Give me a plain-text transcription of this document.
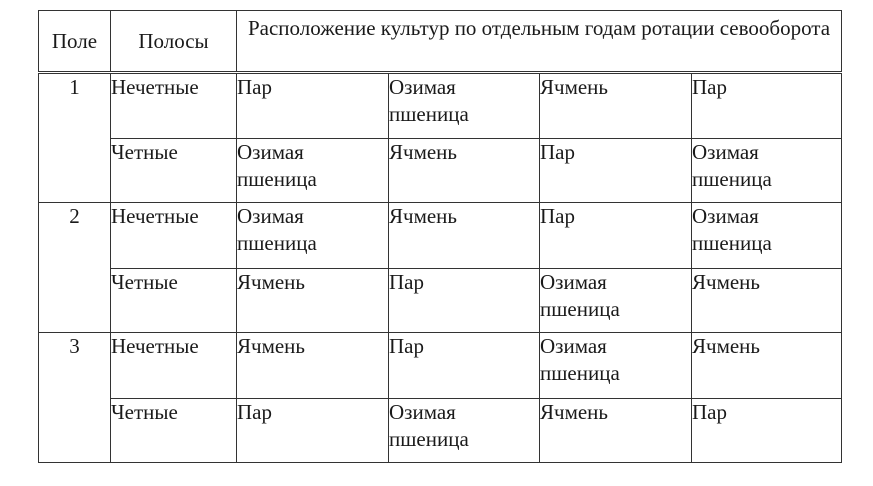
Поле	Полосы	Расположение культур по отдельным годам ротации севооборота			
1	Нечетные	Пар	Озимая пшеница	Ячмень	Пар
	Четные	Озимая пшеница	Ячмень	Пар	Озимая пшеница
2	Нечетные	Озимая пшеница	Ячмень	Пар	Озимая пшеница
	Четные	Ячмень	Пар	Озимая пшеница	Ячмень
3	Нечетные	Ячмень	Пар	Озимая пшеница	Ячмень
	Четные	Пар	Озимая пшеница	Ячмень	Пар
